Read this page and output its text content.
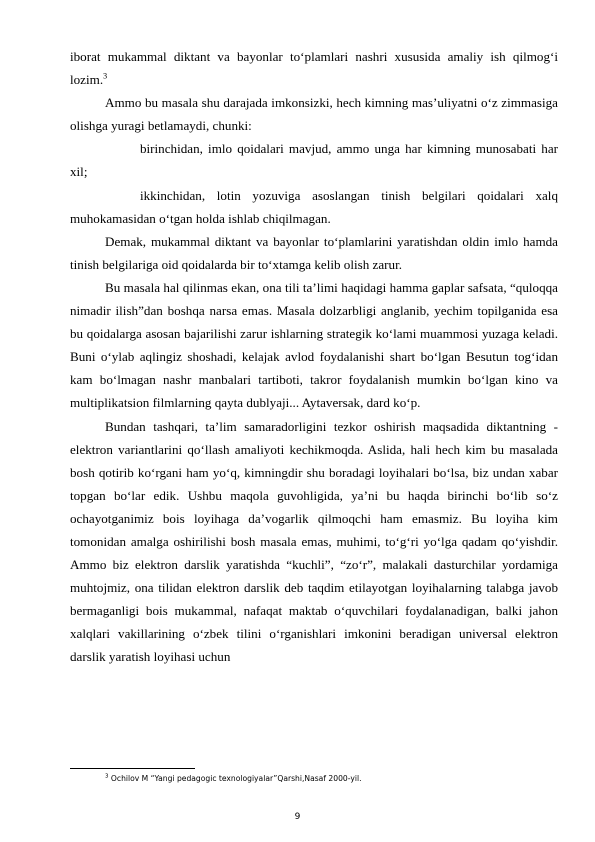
iborat mukammal diktant va bayonlar to‘plamlari nashri xususida amaliy ish qilmog‘i lozim.$^3$

Ammo bu masala shu darajada imkonsizki, hech kimning mas’uliyatni o‘z zimmasiga olishga yuragi betlamaydi, chunki:

birinchidan, imlo qoidalari mavjud, ammo unga har kimning munosabati har xil;

ikkinchidan, lotin yozuviga asoslangan tinish belgilari qoidalari xalq muhokamasidan o‘tgan holda ishlab chiqilmagan.

Demak, mukammal diktant va bayonlar to‘plamlarini yaratishdan oldin imlo hamda tinish belgilariga oid qoidalarda bir to‘xtamga kelib olish zarur.

Bu masala hal qilinmas ekan, ona tili ta’limi haqidagi hamma gaplar safsata, “quloqqa nimadir ilish”dan boshqa narsa emas. Masala dolzarbligi anglanib, yechim topilganida esa bu qoidalarga asosan bajarilishi zarur ishlarning strategik ko‘lami muammosi yuzaga keladi. Buni o‘ylab aqlingiz shoshadi, kelajak avlod foydalanishi shart bo‘lgan Besutun tog‘idan kam bo‘lmagan nashr manbalari tartiboti, takror foydalanish mumkin bo‘lgan kino va multiplikatsion filmlarning qayta dublyaji... Aytaversak, dard ko‘p.

Bundan tashqari, ta’lim samaradorligini tezkor oshirish maqsadida diktantning - elektron variantlarini qo‘llash amaliyoti kechikmoqda. Aslida, hali hech kim bu masalada bosh qotirib ko‘rgani ham yo‘q, kimningdir shu boradagi loyihalari bo‘lsa, biz undan xabar topgan bo‘lar edik. Ushbu maqola guvohligida, ya’ni bu haqda birinchi bo‘lib so‘z ochayotganimiz bois loyihaga da’vogarlik qilmoqchi ham emasmiz. Bu loyiha kim tomonidan amalga oshirilishi bosh masala emas, muhimi, to‘g‘ri yo‘lga qadam qo‘yishdir. Ammo biz elektron darslik yaratishda “kuchli”, “zo‘r”, malakali dasturchilar yordamiga muhtojmiz, ona tilidan elektron darslik deb taqdim etilayotgan loyihalarning talabga javob bermaganligi bois mukammal, nafaqat maktab o‘quvchilari foydalanadigan, balki jahon xalqlari vakillarining o‘zbek tilini o‘rganishlari imkonini beradigan universal elektron darslik yaratish loyihasi uchun

$^3$ Ochilov M “Yangi pedagogic texnologiyalar”Qarshi,Nasaf 2000-yil.
9
